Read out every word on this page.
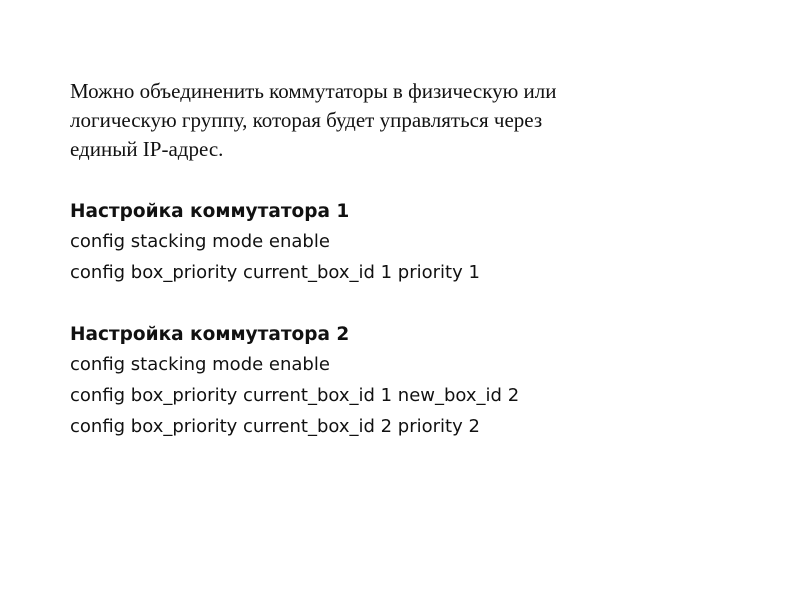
Можно объединенить коммутаторы в физическую или
логическую группу, которая будет управляться через
единый IP-адрес.

Настройка коммутатора 1

config stacking mode enable

config box_priority current_box_id 1 priority 1

Настройка коммутатора 2

config stacking mode enable

config box_priority current_box_id 1 new_box_id 2

config box_priority current_box_id 2 priority 2
